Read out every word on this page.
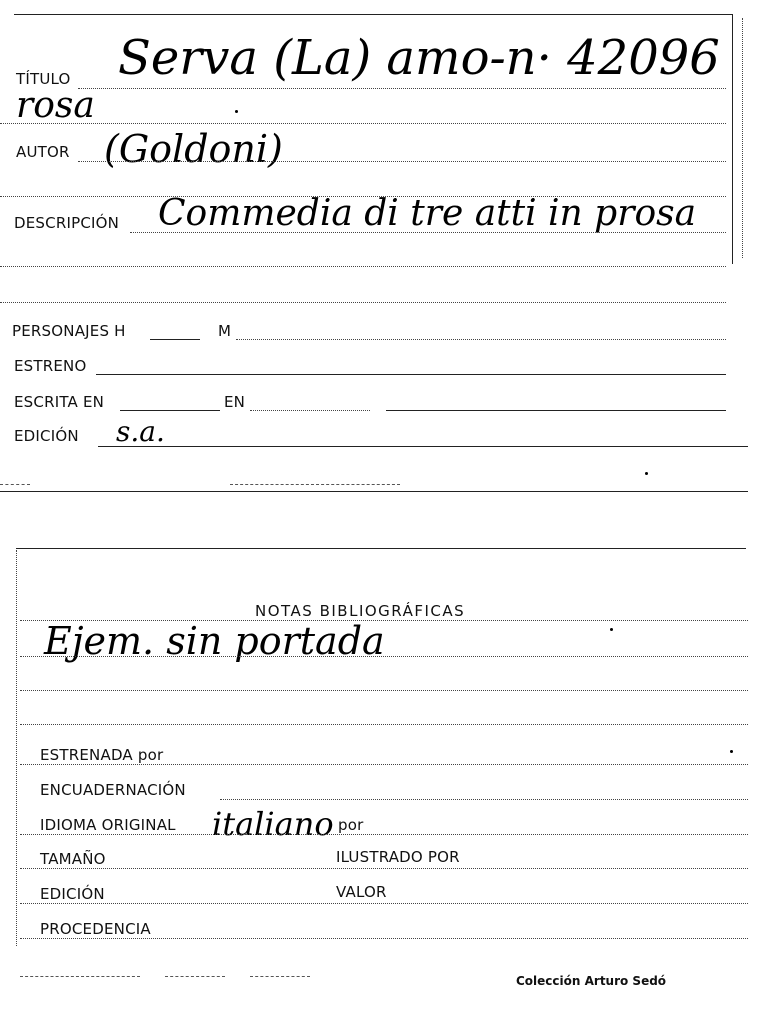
TÍTULO Serva (La) amo-n· 42096
rosa
AUTOR (Goldoni)
DESCRIPCIÓN Commedia di tre atti in prosa
PERSONAJES H	M
ESTRENO
ESCRITA EN	EN
EDICIÓN s.a.
NOTAS BIBLIOGRÁFICAS
Ejem. sin portada
ESTRENADA por
ENCUADERNACIÓN
IDIOMA ORIGINAL italiano por
TAMAÑO	ILUSTRADO POR
EDICIÓN	VALOR
PROCEDENCIA
Colección Arturo Sedó
